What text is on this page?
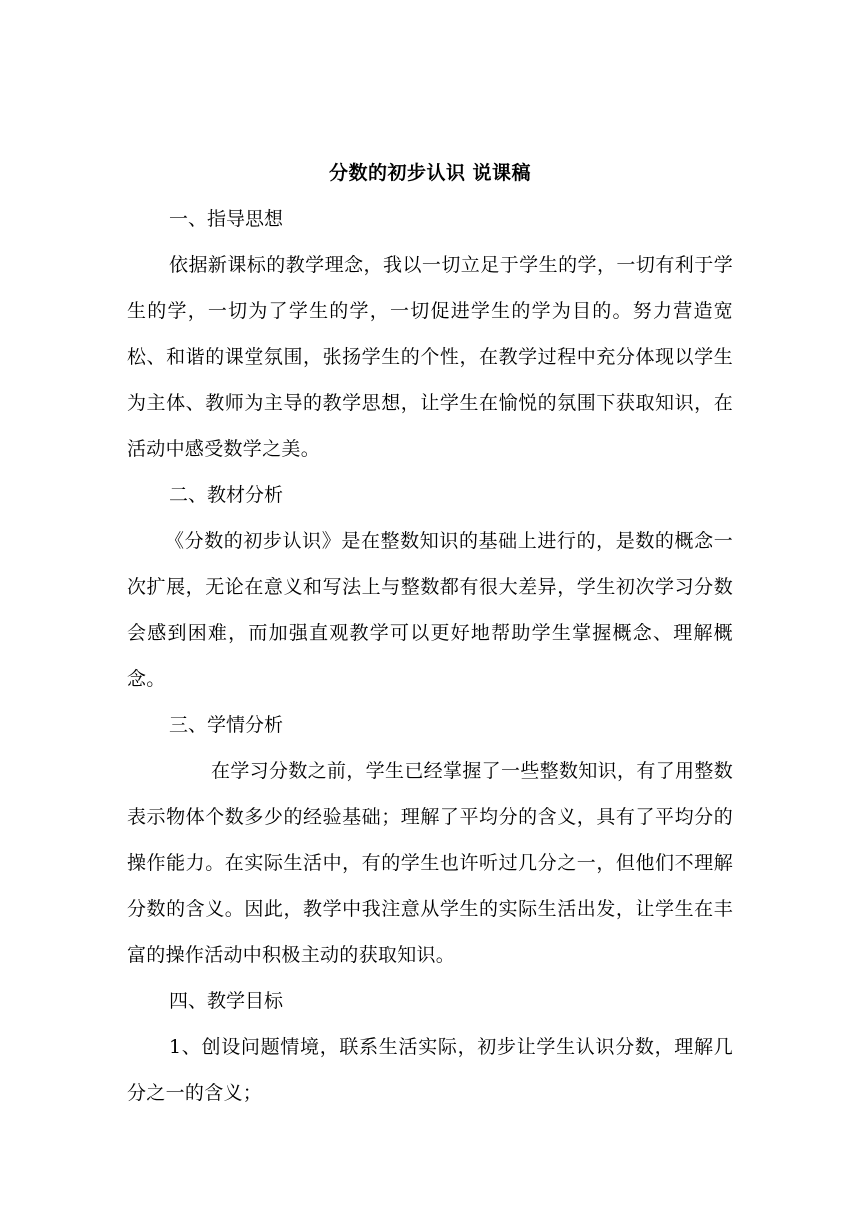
分数的初步认识 说课稿

一、指导思想

依据新课标的教学理念，我以一切立足于学生的学，一切有利于学生的学，一切为了学生的学，一切促进学生的学为目的。努力营造宽松、和谐的课堂氛围，张扬学生的个性，在教学过程中充分体现以学生为主体、教师为主导的教学思想，让学生在愉悦的氛围下获取知识，在活动中感受数学之美。

二、教材分析

《分数的初步认识》是在整数知识的基础上进行的，是数的概念一次扩展，无论在意义和写法上与整数都有很大差异，学生初次学习分数会感到困难，而加强直观教学可以更好地帮助学生掌握概念、理解概念。

三、学情分析

在学习分数之前，学生已经掌握了一些整数知识，有了用整数表示物体个数多少的经验基础；理解了平均分的含义，具有了平均分的操作能力。在实际生活中，有的学生也许听过几分之一，但他们不理解分数的含义。因此，教学中我注意从学生的实际生活出发，让学生在丰富的操作活动中积极主动的获取知识。

四、教学目标

1、创设问题情境，联系生活实际，初步让学生认识分数，理解几分之一的含义；
